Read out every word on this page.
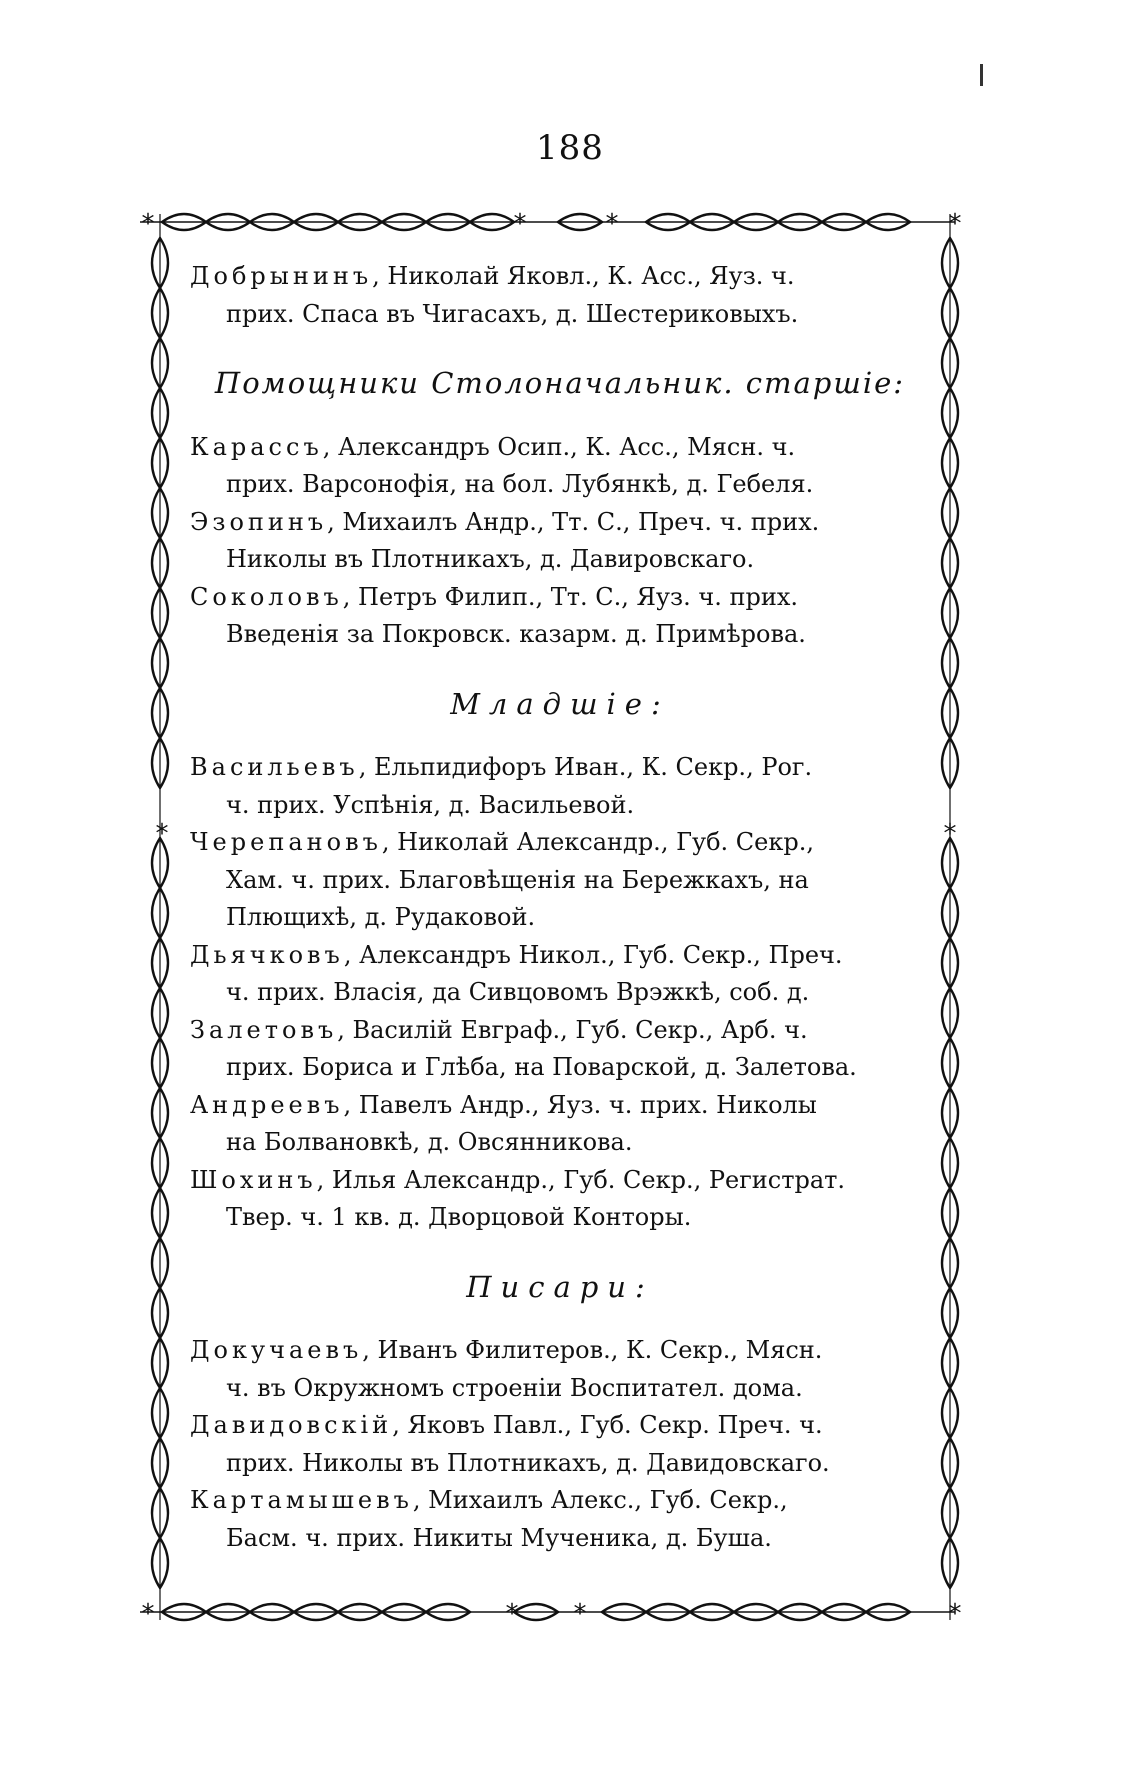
188
*	*
*	*
*	*
* *
*	*

Добрынинъ, Николай Яковл., К. Асс., Яуз. ч.
прих. Спаса въ Чигасахъ, д. Шестериковыхъ.

Помощники Столоначальник. старшіе:

Карассъ, Александръ Осип., К. Асс., Мясн. ч.
прих. Варсонофія, на бол. Лубянкѣ, д. Гебеля.

Эзопинъ, Михаилъ Андр., Тт. С., Преч. ч. прих.
Николы въ Плотникахъ, д. Давировскаго.

Соколовъ, Петръ Филип., Тт. С., Яуз. ч. прих.
Введенія за Покровск. казарм. д. Примѣрова.

Младшіе:

Васильевъ, Ельпидифоръ Иван., К. Секр., Рог.
ч. прих. Успѣнія, д. Васильевой.

Черепановъ, Николай Александр., Губ. Секр.,
Хам. ч. прих. Благовѣщенія на Бережкахъ, на
Плющихѣ, д. Рудаковой.

Дьячковъ, Александръ Никол., Губ. Секр., Преч.
ч. прих. Власія, да Сивцовомъ Врэжкѣ, соб. д.

Залетовъ, Василій Евграф., Губ. Секр., Арб. ч.
прих. Бориса и Глѣба, на Поварской, д. Залетова.

Андреевъ, Павелъ Андр., Яуз. ч. прих. Николы
на Болвановкѣ, д. Овсянникова.

Шохинъ, Илья Александр., Губ. Секр., Регистрат.
Твер. ч. 1 кв. д. Дворцовой Конторы.

Писари:

Докучаевъ, Иванъ Филитеров., К. Секр., Мясн.
ч. въ Окружномъ строеніи Воспитател. дома.

Давидовскій, Яковъ Павл., Губ. Секр. Преч. ч.
прих. Николы въ Плотникахъ, д. Давидовскаго.

Картамышевъ, Михаилъ Алекс., Губ. Секр.,
Басм. ч. прих. Никиты Мученика, д. Буша.
